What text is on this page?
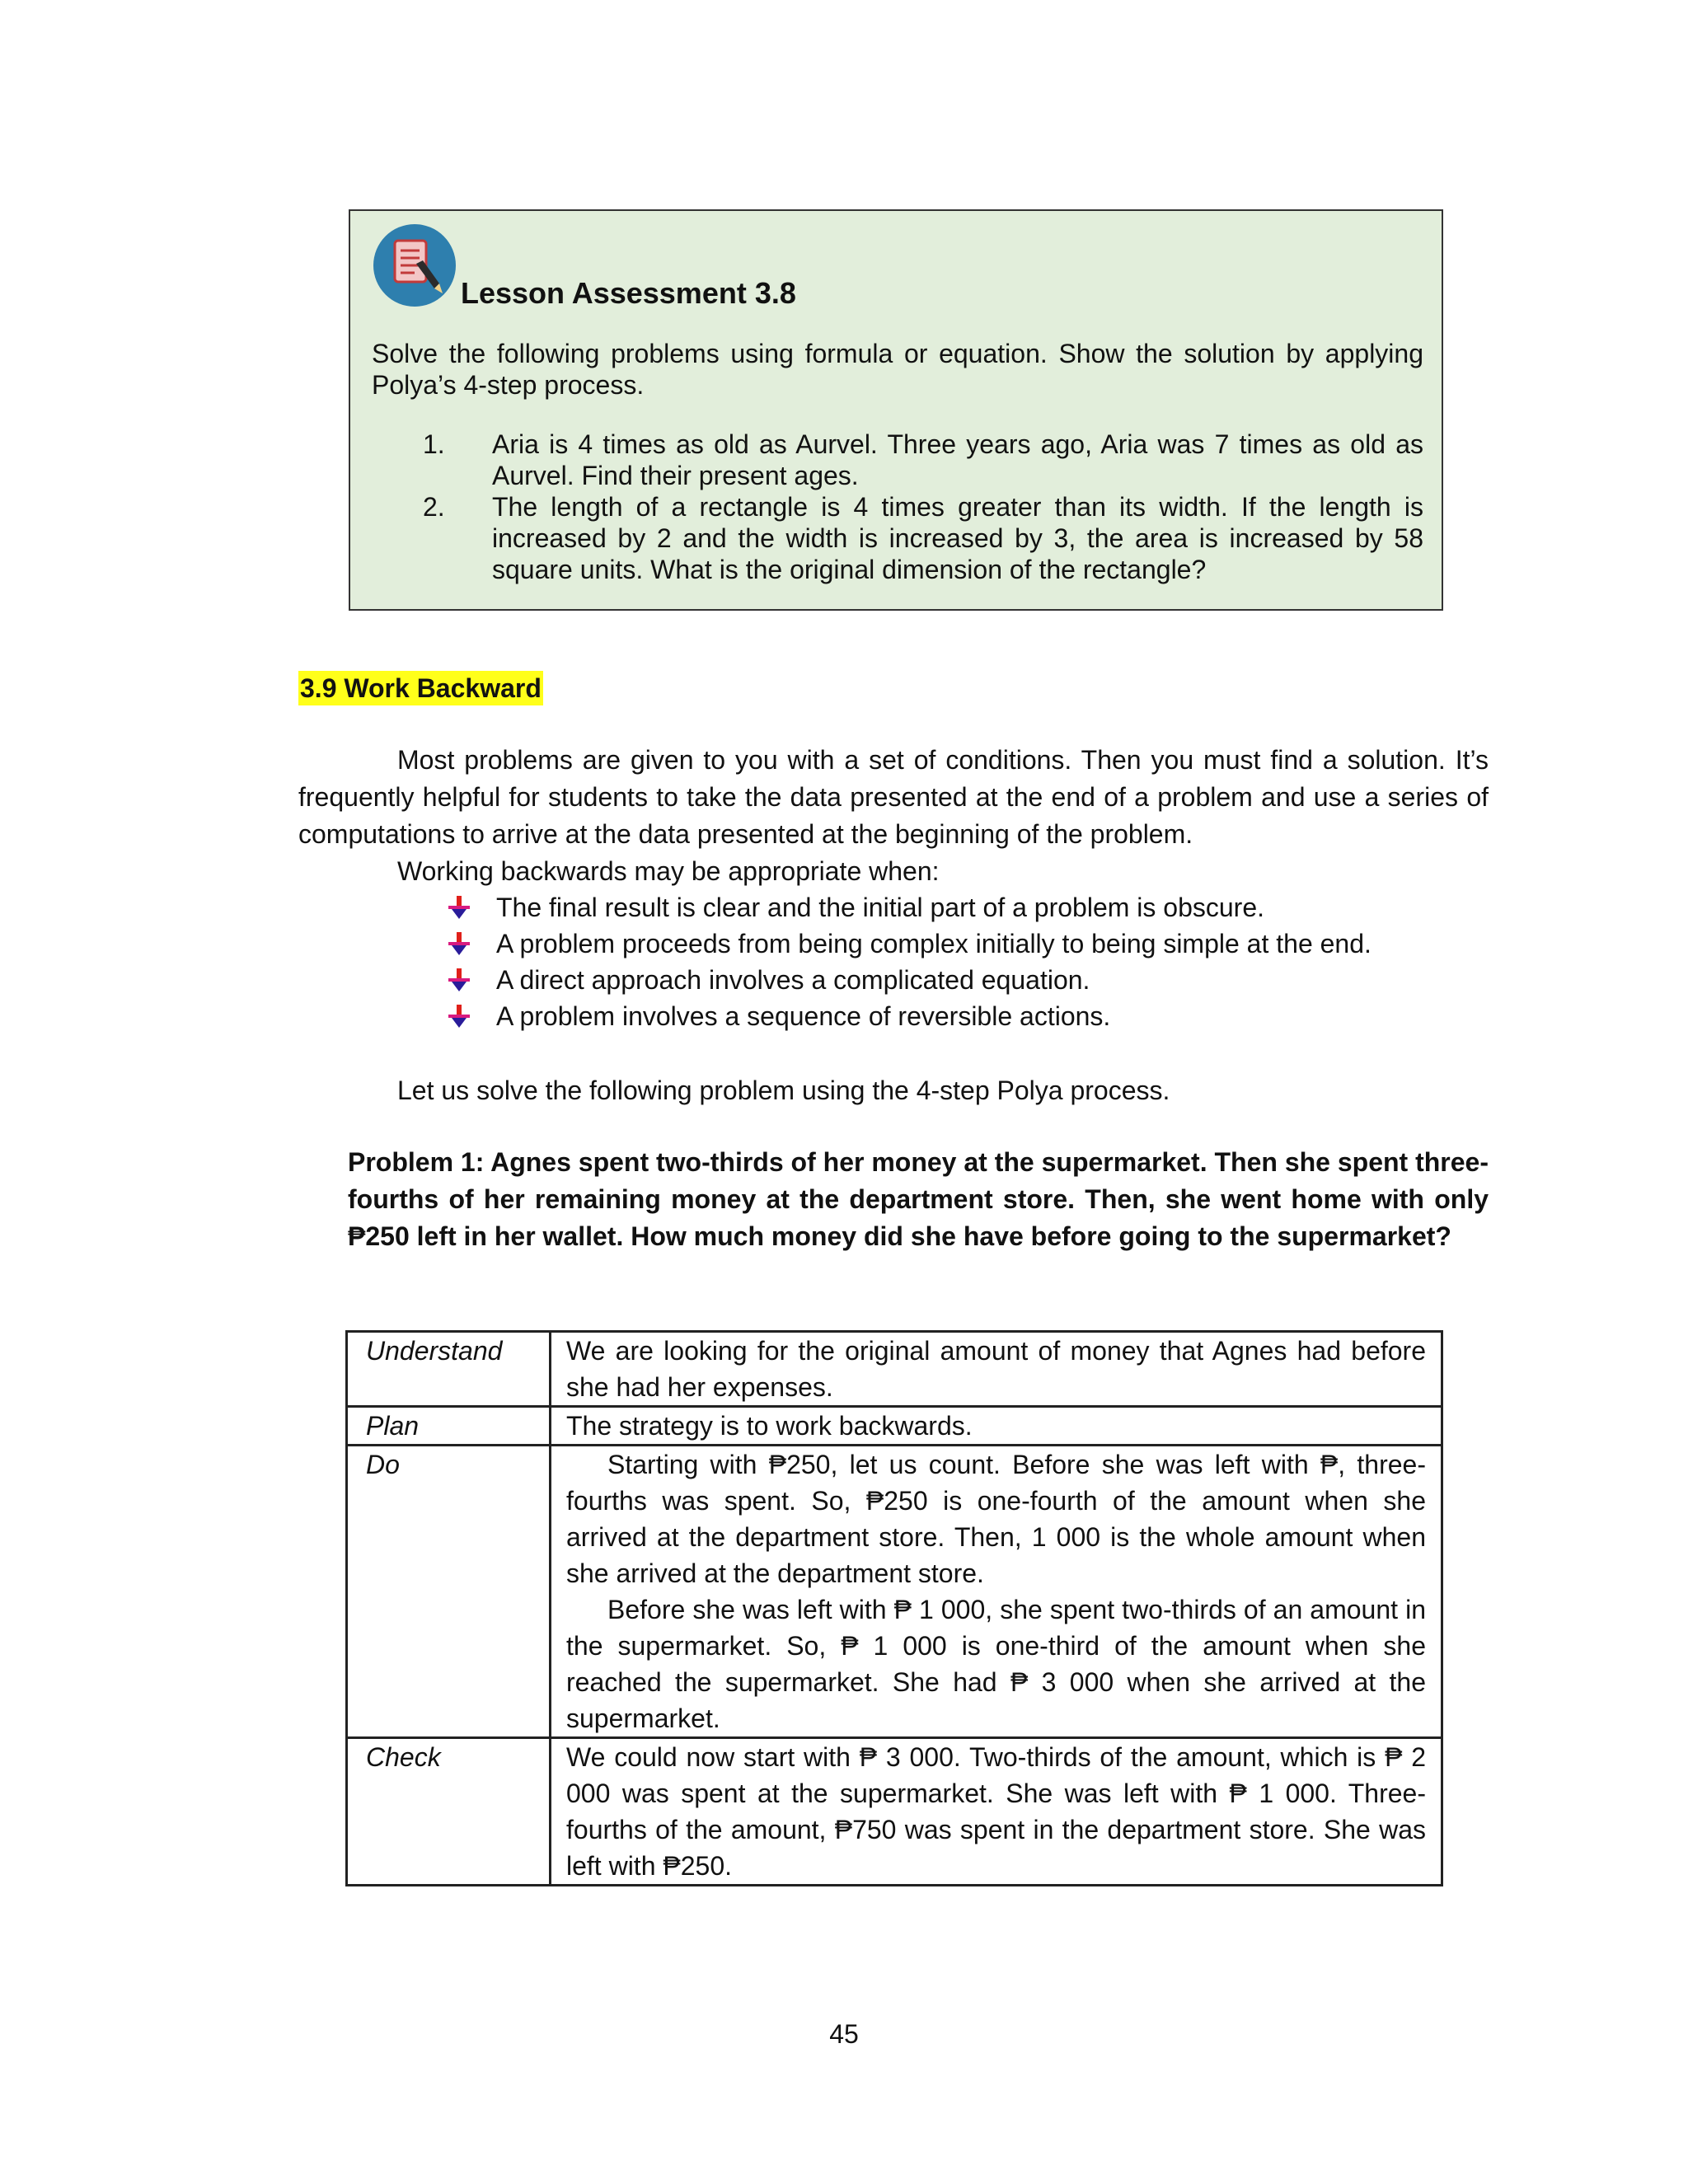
Lesson Assessment 3.8
Solve the following problems using formula or equation. Show the solution by applying Polya’s 4-step process.
1. Aria is 4 times as old as Aurvel. Three years ago, Aria was 7 times as old as Aurvel. Find their present ages.
2. The length of a rectangle is 4 times greater than its width. If the length is increased by 2 and the width is increased by 3, the area is increased by 58 square units. What is the original dimension of the rectangle?
3.9 Work Backward
Most problems are given to you with a set of conditions. Then you must find a solution. It’s frequently helpful for students to take the data presented at the end of a problem and use a series of computations to arrive at the data presented at the beginning of the problem.
Working backwards may be appropriate when:
The final result is clear and the initial part of a problem is obscure.
A problem proceeds from being complex initially to being simple at the end.
A direct approach involves a complicated equation.
A problem involves a sequence of reversible actions.
Let us solve the following problem using the 4-step Polya process.
Problem 1: Agnes spent two-thirds of her money at the supermarket. Then she spent three-fourths of her remaining money at the department store. Then, she went home with only ₱250 left in her wallet. How much money did she have before going to the supermarket?
Understand	We are looking for the original amount of money that Agnes had before she had her expenses.

Plan	The strategy is to work backwards.

Do	Starting with ₱250, let us count. Before she was left with ₱, three-fourths was spent. So, ₱250 is one-fourth of the amount when she arrived at the department store. Then, 1 000 is the whole amount when she arrived at the department store.

Before she was left with ₱ 1 000, she spent two-thirds of an amount in the supermarket. So, ₱ 1 000 is one-third of the amount when she reached the supermarket. She had ₱ 3 000 when she arrived at the supermarket.

Check	We could now start with ₱ 3 000. Two-thirds of the amount, which is ₱ 2 000 was spent at the supermarket. She was left with ₱ 1 000. Three-fourths of the amount, ₱750 was spent in the department store. She was left with ₱250.

45
